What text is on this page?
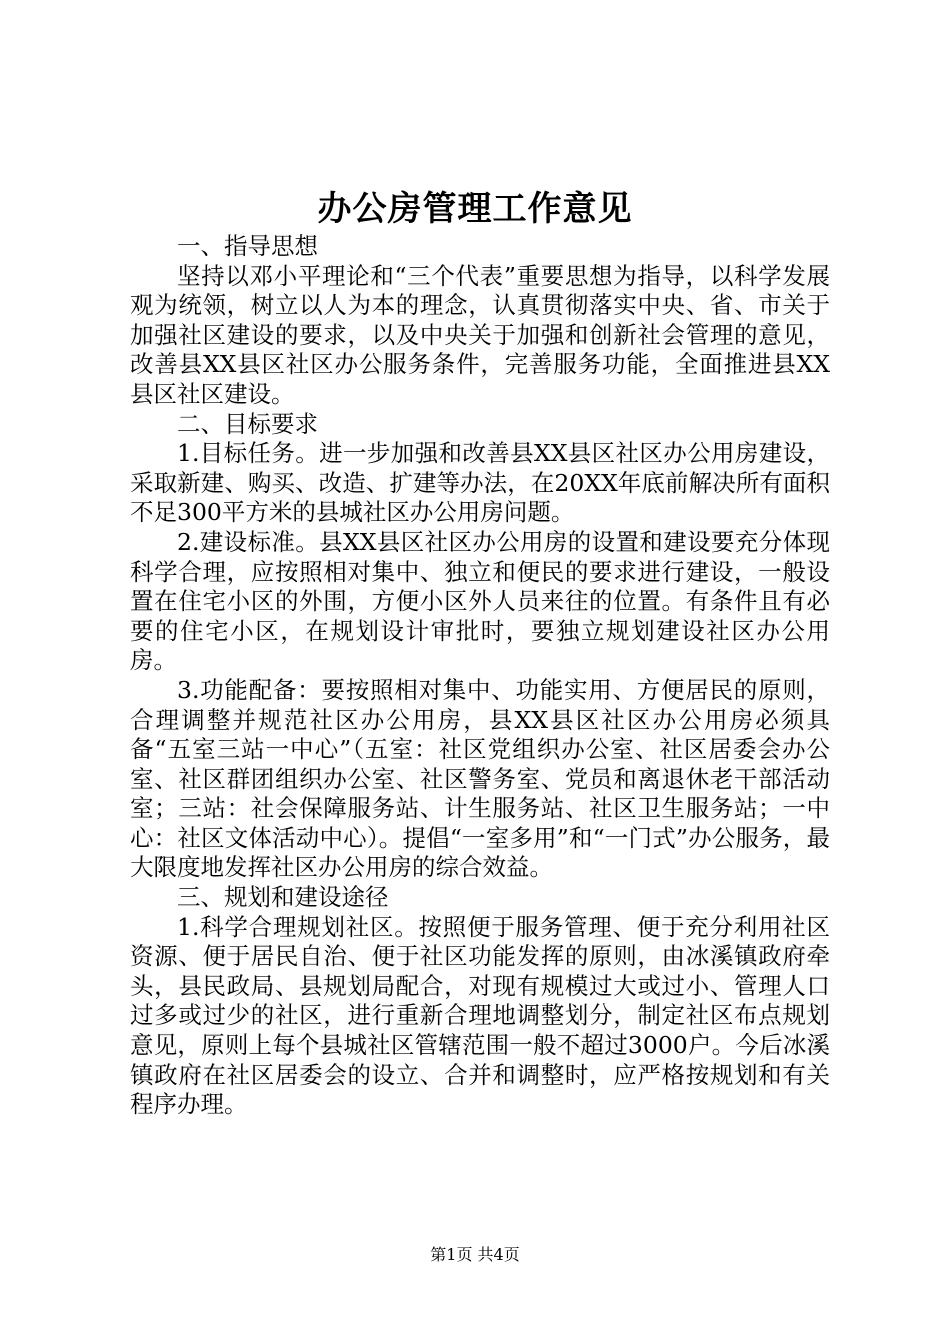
办公房管理工作意见

一、指导思想

坚持以邓小平理论和“三个代表”重要思想为指导，以科学发展观为统领，树立以人为本的理念，认真贯彻落实中央、省、市关于加强社区建设的要求，以及中央关于加强和创新社会管理的意见，改善县XX县区社区办公服务条件，完善服务功能，全面推进县XX县区社区建设。

二、目标要求

1.目标任务。进一步加强和改善县XX县区社区办公用房建设，采取新建、购买、改造、扩建等办法，在20XX年底前解决所有面积不足300平方米的县城社区办公用房问题。

2.建设标准。县XX县区社区办公用房的设置和建设要充分体现科学合理，应按照相对集中、独立和便民的要求进行建设，一般设置在住宅小区的外围，方便小区外人员来往的位置。有条件且有必要的住宅小区，在规划设计审批时，要独立规划建设社区办公用房。

3.功能配备：要按照相对集中、功能实用、方便居民的原则，合理调整并规范社区办公用房，县XX县区社区办公用房必须具备“五室三站一中心”（五室：社区党组织办公室、社区居委会办公室、社区群团组织办公室、社区警务室、党员和离退休老干部活动室；三站：社会保障服务站、计生服务站、社区卫生服务站；一中心：社区文体活动中心）。提倡“一室多用”和“一门式”办公服务，最大限度地发挥社区办公用房的综合效益。

三、规划和建设途径

1.科学合理规划社区。按照便于服务管理、便于充分利用社区资源、便于居民自治、便于社区功能发挥的原则，由冰溪镇政府牵头，县民政局、县规划局配合，对现有规模过大或过小、管理人口过多或过少的社区，进行重新合理地调整划分，制定社区布点规划意见，原则上每个县城社区管辖范围一般不超过3000户。今后冰溪镇政府在社区居委会的设立、合并和调整时，应严格按规划和有关程序办理。

第1页 共4页
